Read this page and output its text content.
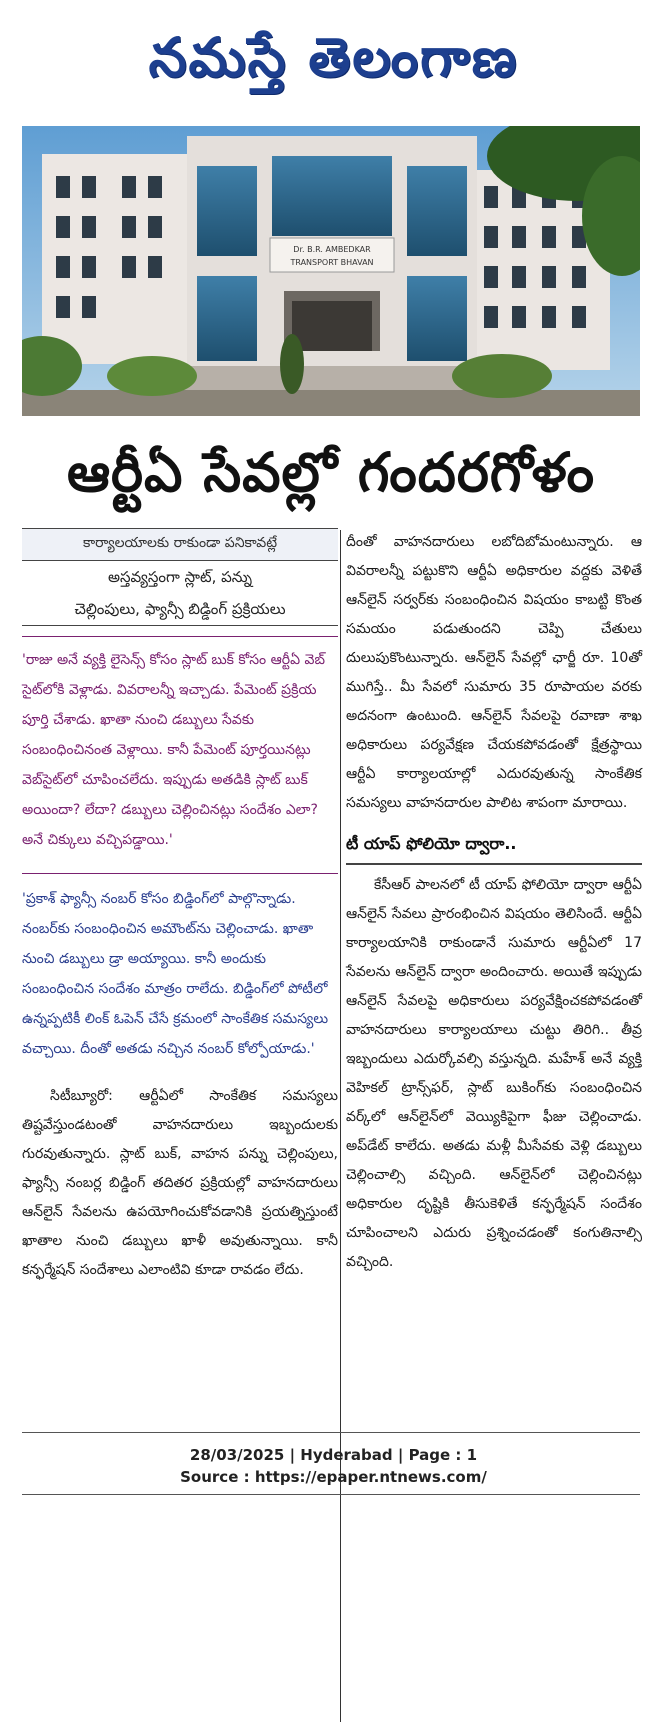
నమస్తే తెలంగాణ
Dr. B.R. AMBEDKAR
TRANSPORT BHAVAN
ఆర్టీఏ సేవల్లో గందరగోళం
కార్యాలయాలకు రాకుండా పనికావట్లే
అస్తవ్యస్తంగా స్లాట్, పన్ను
చెల్లింపులు, ఫ్యాన్సీ బిడ్డింగ్ ప్రక్రియలు

'రాజు అనే వ్యక్తి లైసెన్స్ కోసం స్లాట్ బుక్ కోసం ఆర్టీఏ వెబ్ సైట్‌లోకి వెళ్లాడు. వివరాలన్నీ ఇచ్చాడు. పేమెంట్ ప్రక్రియ పూర్తి చేశాడు. ఖాతా నుంచి డబ్బులు సేవకు సంబంధించినంత వెళ్లాయి. కానీ పేమెంట్ పూర్తయినట్లు వెబ్‌సైట్‌లో చూపించలేదు. ఇప్పుడు అతడికి స్లాట్ బుక్ అయిందా? లేదా? డబ్బులు చెల్లించినట్లు సందేశం ఎలా? అనే చిక్కులు వచ్చిపడ్డాయి.'

'ప్రకాశ్ ఫ్యాన్సీ నంబర్ కోసం బిడ్డింగ్‌లో పాల్గొన్నాడు. నంబర్‌కు సంబంధించిన అమౌంట్‌ను చెల్లించాడు. ఖాతా నుంచి డబ్బులు డ్రా అయ్యాయి. కానీ అందుకు సంబంధించిన సందేశం మాత్రం రాలేదు. బిడ్డింగ్‌లో పోటీలో ఉన్నప్పటికీ లింక్ ఓపెన్ చేసే క్రమంలో సాంకేతిక సమస్యలు వచ్చాయి. దీంతో అతడు నచ్చిన నంబర్ కోల్పోయాడు.'

సిటీబ్యూరో: ఆర్టీఏలో సాంకేతిక సమస్యలు తిష్టవేస్తుండటంతో వాహనదారులు ఇబ్బందులకు గురవుతున్నారు. స్లాట్ బుక్, వాహన పన్ను చెల్లింపులు, ఫ్యాన్సీ నంబర్ల బిడ్డింగ్ తదితర ప్రక్రియల్లో వాహనదారులు ఆన్‌లైన్ సేవలను ఉపయోగించుకోవడానికి ప్రయత్నిస్తుంటే ఖాతాల నుంచి డబ్బులు ఖాళీ అవుతున్నాయి. కానీ కన్ఫర్మేషన్ సందేశాలు ఎలాంటివి కూడా రావడం లేదు.

దీంతో వాహనదారులు లబోదిబోమంటున్నారు. ఆ వివరాలన్నీ పట్టుకొని ఆర్టీఏ అధికారుల వద్దకు వెళితే ఆన్‌లైన్ సర్వర్‌కు సంబంధించిన విషయం కాబట్టి కొంత సమయం పడుతుందని చెప్పి చేతులు దులుపుకొంటున్నారు. ఆన్‌లైన్ సేవల్లో ఛార్జీ రూ. 10తో ముగిస్తే.. మీ సేవలో సుమారు 35 రూపాయల వరకు అదనంగా ఉంటుంది. ఆన్‌లైన్ సేవలపై రవాణా శాఖ అధికారులు పర్యవేక్షణ చేయకపోవడంతో క్షేత్రస్థాయి ఆర్టీఏ కార్యాలయాల్లో ఎదురవుతున్న సాంకేతిక సమస్యలు వాహనదారుల పాలిట శాపంగా మారాయి.

టీ యాప్ ఫోలియో ద్వారా..

కేసీఆర్ పాలనలో టీ యాప్ ఫోలియో ద్వారా ఆర్టీఏ ఆన్‌లైన్ సేవలు ప్రారంభించిన విషయం తెలిసిందే. ఆర్టీఏ కార్యాలయానికి రాకుండానే సుమారు ఆర్టీఏలో 17 సేవలను ఆన్‌లైన్ ద్వారా అందించారు. అయితే ఇప్పుడు ఆన్‌లైన్ సేవలపై అధికారులు పర్యవేక్షించకపోవడంతో వాహనదారులు కార్యాలయాలు చుట్టు తిరిగి.. తీవ్ర ఇబ్బందులు ఎదుర్కోవల్సి వస్తున్నది. మహేశ్ అనే వ్యక్తి వెహికల్ ట్రాన్స్‌ఫర్, స్లాట్ బుకింగ్‌కు సంబంధించిన వర్క్‌లో ఆన్‌లైన్‌లో వెయ్యికిపైగా ఫీజు చెల్లించాడు. అప్‌డేట్ కాలేదు. అతడు మళ్లీ మీసేవకు వెళ్లి డబ్బులు చెల్లించాల్సి వచ్చింది. ఆన్‌లైన్‌లో చెల్లించినట్లు అధికారుల దృష్టికి తీసుకెళితే కన్ఫర్మేషన్ సందేశం చూపించాలని ఎదురు ప్రశ్నించడంతో కంగుతినాల్సి వచ్చింది.

28/03/2025 | Hyderabad | Page : 1
Source : https://epaper.ntnews.com/
